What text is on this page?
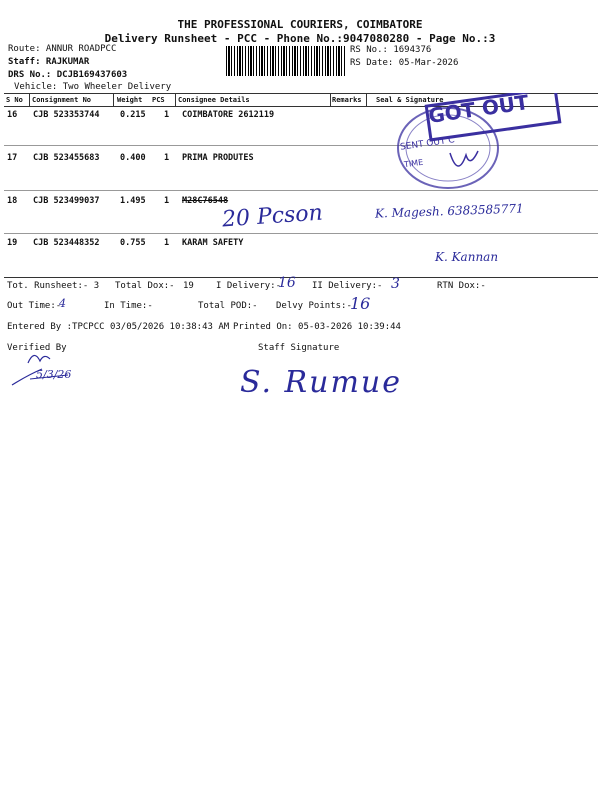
THE PROFESSIONAL COURIERS, COIMBATORE
Delivery Runsheet - PCC - Phone No.:9047080280 - Page No.:3
Route: ANNUR ROADPCC
Staff: RAJKUMAR
DRS No.: DCJB169437603
Vehicle: Two Wheeler Delivery
RS No.: 1694376
RS Date: 05-Mar-2026
S No Consignment No	Weight PCS Consignee Details	Remarks Seal & Signature
16 CJB 523353744 0.215 1 COIMBATORE 2612119
17 CJB 523455683 0.400 1 PRIMA PRODUTES
18 CJB 523499037 1.495 1 M28C76548
19 CJB 523448352 0.755 1 KARAM SAFETY
GOT OUT
SENT OUT C
TIME
20 Pcson	K. Magesh. 6383585771
K. Kannan
Tot. Runsheet:- 3 Total Dox:- 19 I Delivery:-
16 II Delivery:- 3	RTN Dox:-
Out Time:-
4	In Time:-	Total POD:- Delvy Points:-
16
Entered By :TPCPCC 03/05/2026 10:38:43 AM Printed On: 05-03-2026 10:39:44
Verified By	Staff Signature
5/3/26	S. Rumue
